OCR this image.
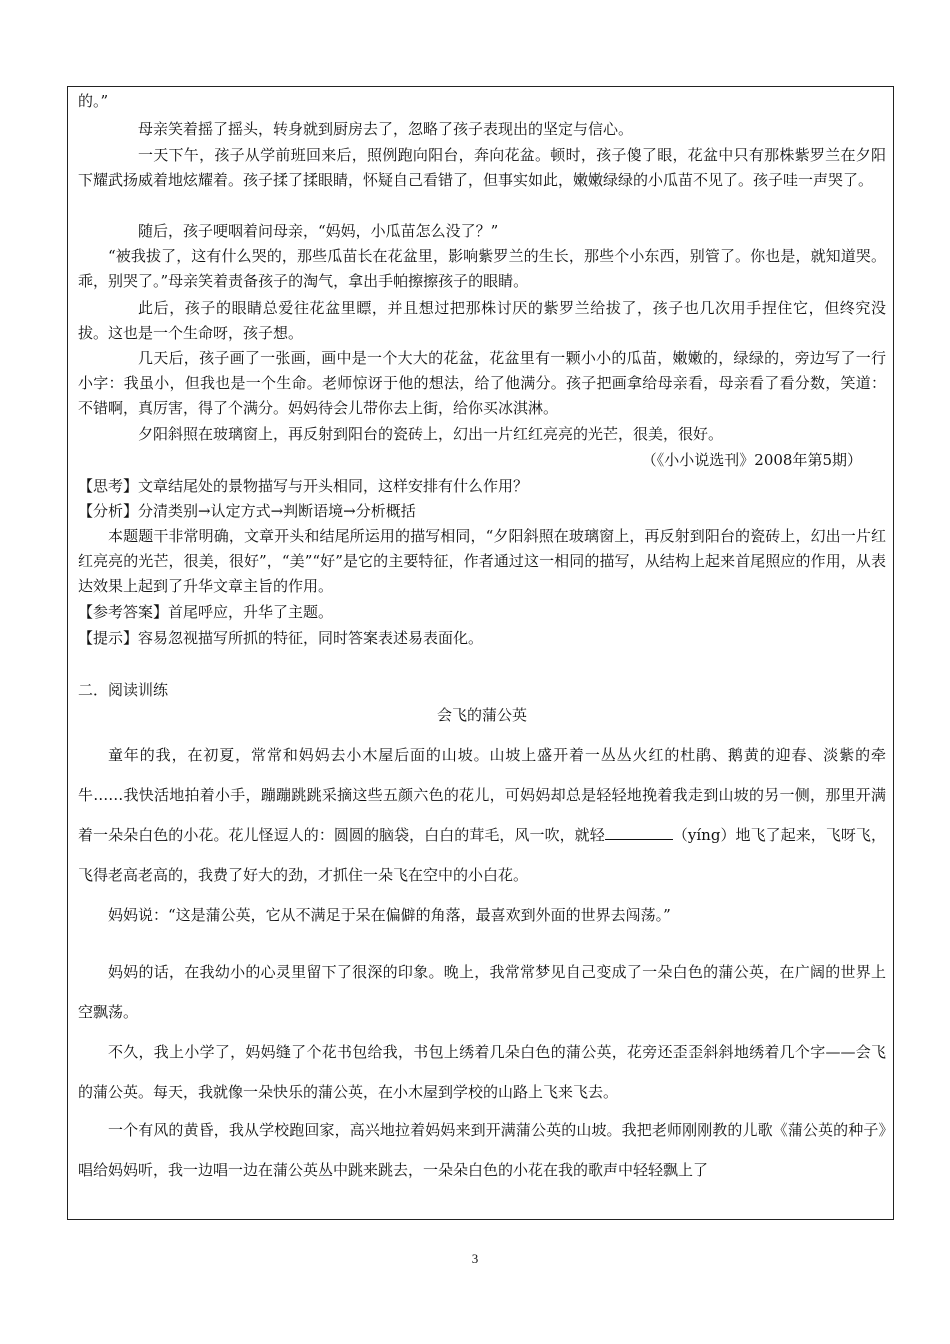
的。”

母亲笑着摇了摇头，转身就到厨房去了，忽略了孩子表现出的坚定与信心。

一天下午，孩子从学前班回来后，照例跑向阳台，奔向花盆。顿时，孩子傻了眼，花盆中只有那株紫罗兰在夕阳下耀武扬威着地炫耀着。孩子揉了揉眼睛，怀疑自己看错了，但事实如此，嫩嫩绿绿的小瓜苗不见了。孩子哇一声哭了。

随后，孩子哽咽着问母亲，“妈妈，小瓜苗怎么没了？”

“被我拔了，这有什么哭的，那些瓜苗长在花盆里，影响紫罗兰的生长，那些个小东西，别管了。你也是，就知道哭。乖，别哭了。”母亲笑着责备孩子的淘气，拿出手帕擦擦孩子的眼睛。

此后，孩子的眼睛总爱往花盆里瞟，并且想过把那株讨厌的紫罗兰给拔了，孩子也几次用手捏住它，但终究没拔。这也是一个生命呀，孩子想。

几天后，孩子画了一张画，画中是一个大大的花盆，花盆里有一颗小小的瓜苗，嫩嫩的，绿绿的，旁边写了一行小字：我虽小，但我也是一个生命。老师惊讶于他的想法，给了他满分。孩子把画拿给母亲看，母亲看了看分数，笑道：不错啊，真厉害，得了个满分。妈妈待会儿带你去上街，给你买冰淇淋。

夕阳斜照在玻璃窗上，再反射到阳台的瓷砖上，幻出一片红红亮亮的光芒，很美，很好。

（《小小说选刊》2008年第5期）

【思考】文章结尾处的景物描写与开头相同，这样安排有什么作用？

【分析】分清类别→认定方式→判断语境→分析概括

本题题干非常明确，文章开头和结尾所运用的描写相同，“夕阳斜照在玻璃窗上，再反射到阳台的瓷砖上，幻出一片红红亮亮的光芒，很美，很好”，“美”“好”是它的主要特征，作者通过这一相同的描写，从结构上起来首尾照应的作用，从表达效果上起到了升华文章主旨的作用。

【参考答案】首尾呼应，升华了主题。

【提示】容易忽视描写所抓的特征，同时答案表述易表面化。

二．阅读训练

会飞的蒲公英

童年的我，在初夏，常常和妈妈去小木屋后面的山坡。山坡上盛开着一丛丛火红的杜鹃、鹅黄的迎春、淡紫的牵牛……我快活地拍着小手，蹦蹦跳跳采摘这些五颜六色的花儿，可妈妈却总是轻轻地挽着我走到山坡的另一侧，那里开满着一朵朵白色的小花。花儿怪逗人的：圆圆的脑袋，白白的茸毛，风一吹，就轻	（yíng）地飞了起来，飞呀飞，飞得老高老高的，我费了好大的劲，才抓住一朵飞在空中的小白花。

妈妈说：“这是蒲公英，它从不满足于呆在偏僻的角落，最喜欢到外面的世界去闯荡。”

妈妈的话，在我幼小的心灵里留下了很深的印象。晚上，我常常梦见自己变成了一朵白色的蒲公英，在广阔的世界上空飘荡。

不久，我上小学了，妈妈缝了个花书包给我，书包上绣着几朵白色的蒲公英，花旁还歪歪斜斜地绣着几个字——会飞的蒲公英。每天，我就像一朵快乐的蒲公英，在小木屋到学校的山路上飞来飞去。

一个有风的黄昏，我从学校跑回家，高兴地拉着妈妈来到开满蒲公英的山坡。我把老师刚刚教的儿歌《蒲公英的种子》唱给妈妈听，我一边唱一边在蒲公英丛中跳来跳去，一朵朵白色的小花在我的歌声中轻轻飘上了

3
